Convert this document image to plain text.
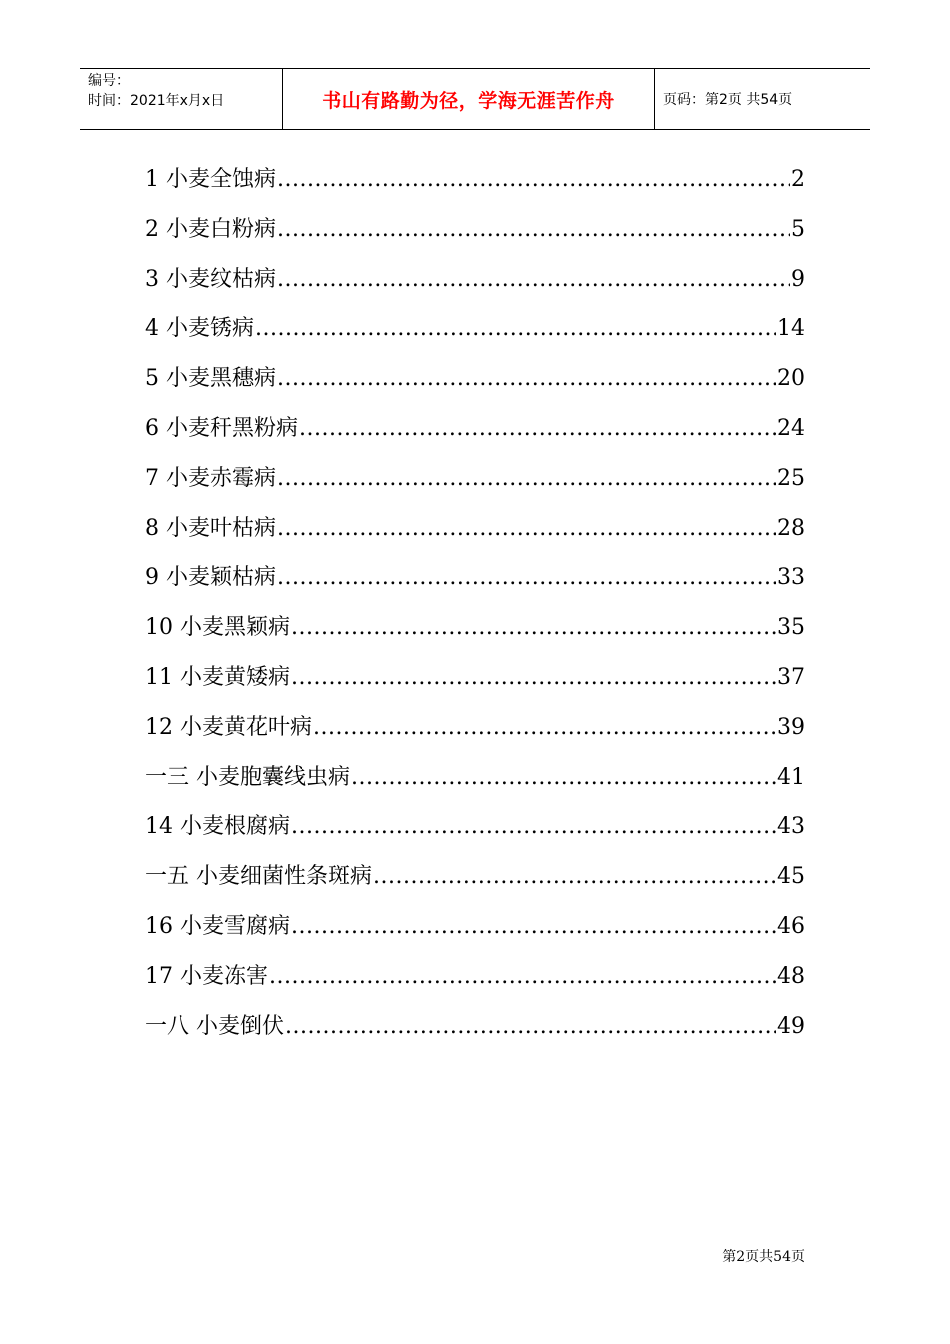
编号：
时间：2021年x月x日	书山有路勤为径，学海无涯苦作舟	页码：第2页 共54页
1 小麦全蚀病 .....	2
2 小麦白粉病 .....	5
3 小麦纹枯病 .....	9
4 小麦锈病 .....	14
5 小麦黑穗病 .....	20
6 小麦秆黑粉病 .....	24
7 小麦赤霉病 .....	25
8 小麦叶枯病 .....	28
9 小麦颖枯病 .....	33
10 小麦黑颖病 .....	35
11 小麦黄矮病 .....	37
12 小麦黄花叶病 .....	39
一三 小麦胞囊线虫病 .....	41
14 小麦根腐病 .....	43
一五 小麦细菌性条斑病 .....	45
16 小麦雪腐病 .....	46
17 小麦冻害 .....	48
一八 小麦倒伏 .....	49
第2页共54页
